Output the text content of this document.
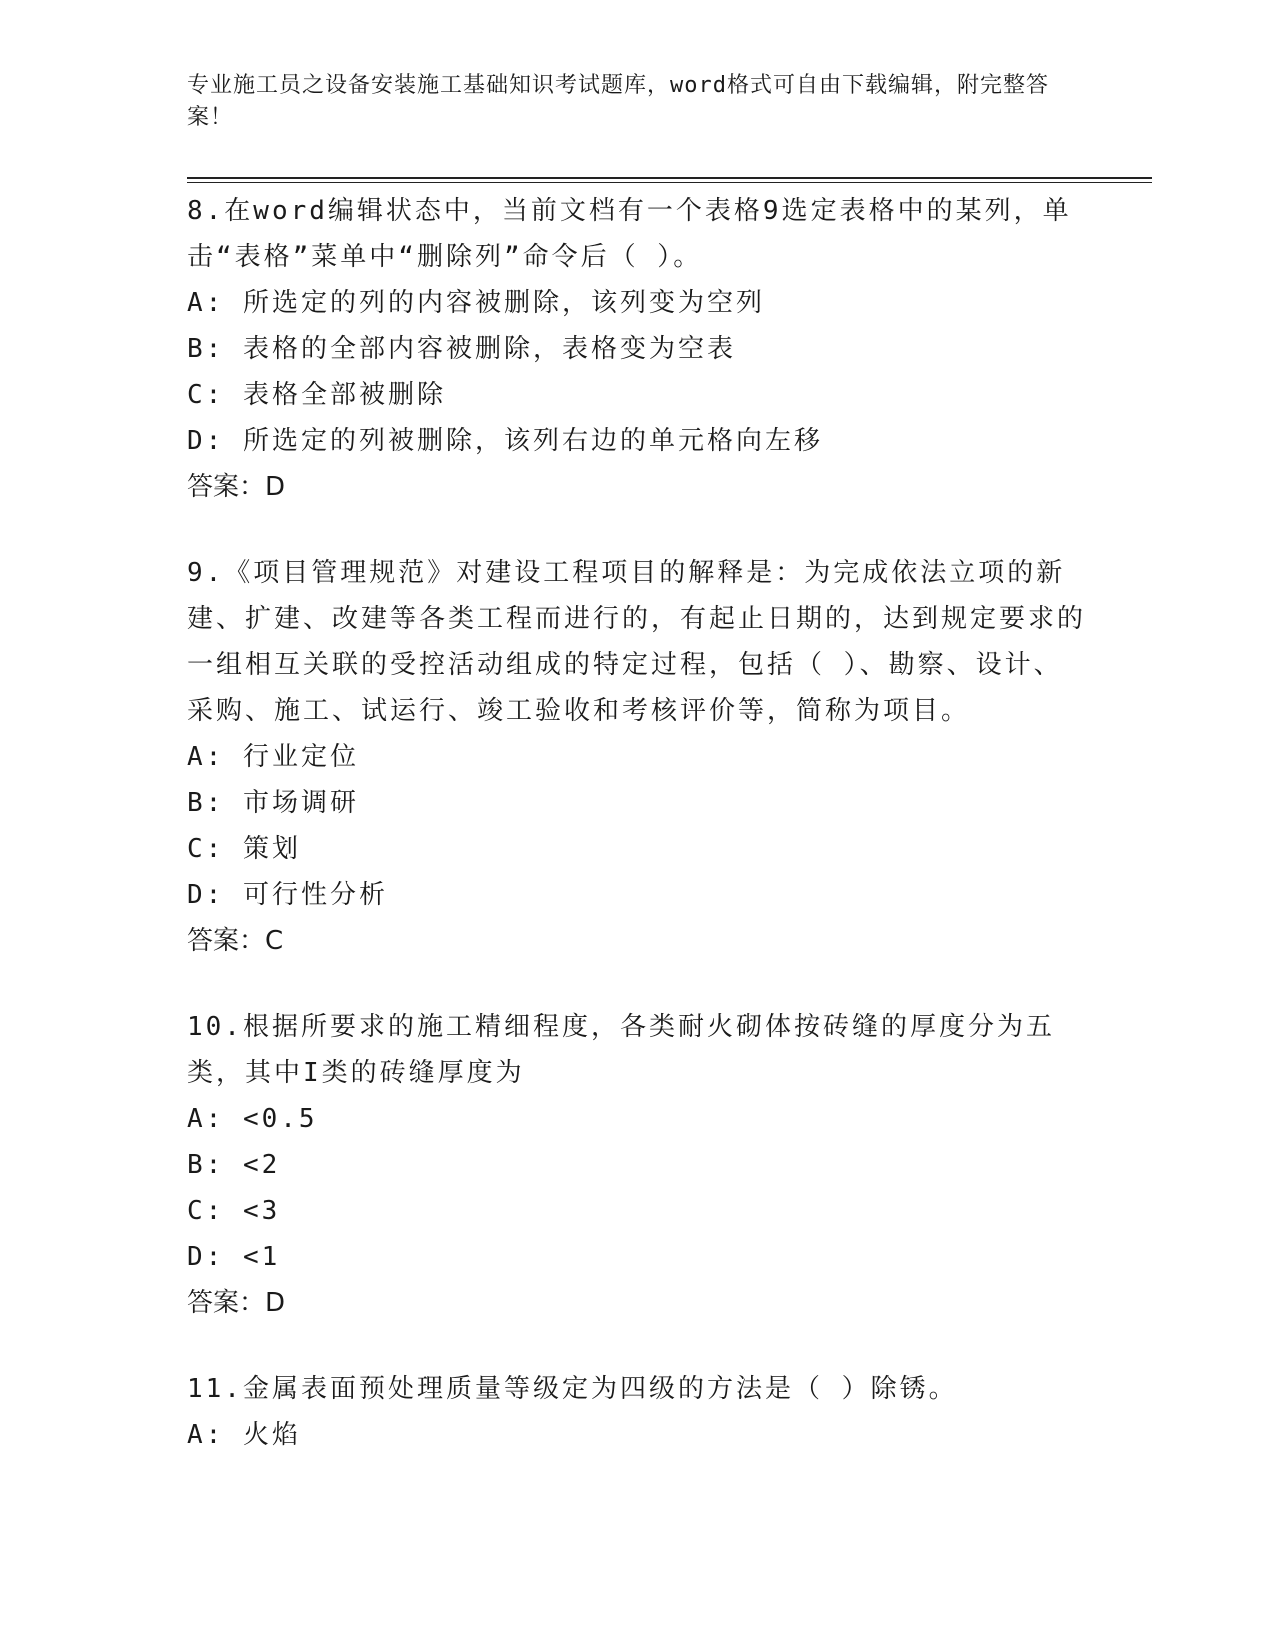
专业施工员之设备安装施工基础知识考试题库，word格式可自由下载编辑，附完整答案！

8.在word编辑状态中，当前文档有一个表格9选定表格中的某列，单击“表格”菜单中“删除列”命令后（ ）。

A: 所选定的列的内容被删除，该列变为空列

B: 表格的全部内容被删除，表格变为空表

C: 表格全部被删除

D: 所选定的列被删除，该列右边的单元格向左移

答案：D

9.《项目管理规范》对建设工程项目的解释是：为完成依法立项的新建、扩建、改建等各类工程而进行的，有起止日期的，达到规定要求的一组相互关联的受控活动组成的特定过程，包括（ ）、勘察、设计、采购、施工、试运行、竣工验收和考核评价等，简称为项目。

A: 行业定位

B: 市场调研

C: 策划

D: 可行性分析

答案：C

10.根据所要求的施工精细程度，各类耐火砌体按砖缝的厚度分为五类，其中I类的砖缝厚度为

A: <0.5

B: <2

C: <3

D: <1

答案：D

11.金属表面预处理质量等级定为四级的方法是（ ）除锈。

A: 火焰
